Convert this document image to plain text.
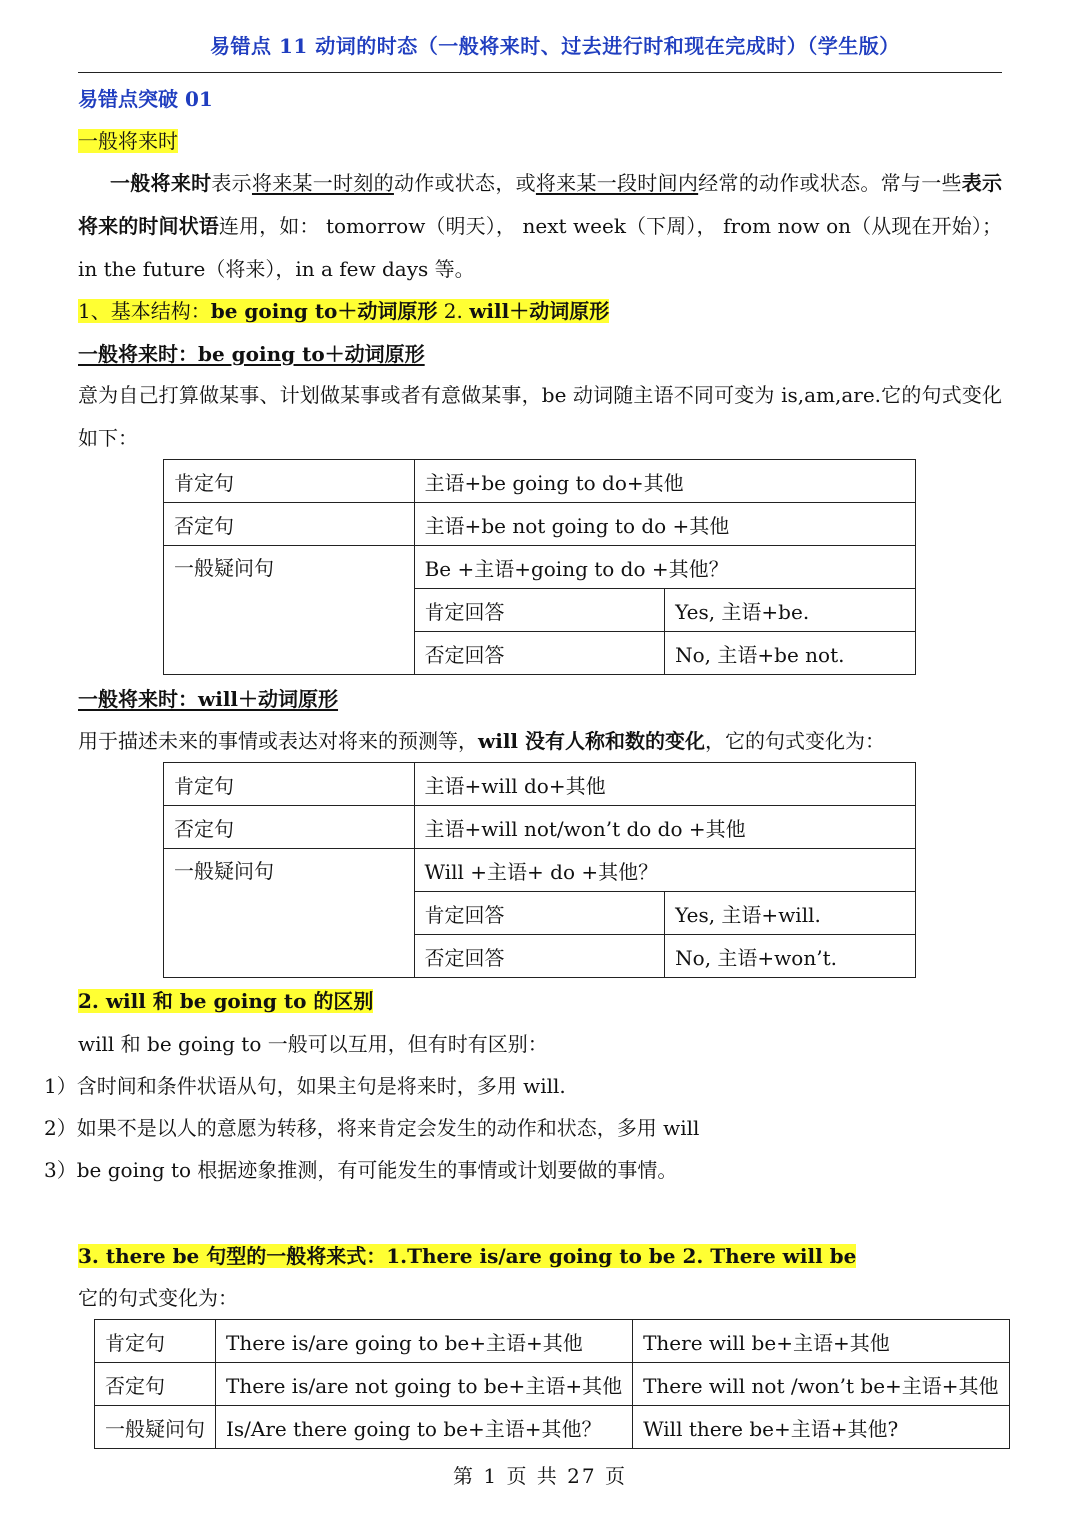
易错点 11 动词的时态（一般将来时、过去进行时和现在完成时）（学生版）
易错点突破 01
一般将来时
一般将来时表示将来某一时刻的动作或状态，或将来某一段时间内经常的动作或状态。常与一些表示将来的时间状语连用，如： tomorrow（明天）， next week（下周）， from now on（从现在开始）；in the future（将来），in a few days 等。
1、基本结构：be going to＋动词原形 2. will＋动词原形
一般将来时：be going to＋动词原形
意为自己打算做某事、计划做某事或者有意做某事，be 动词随主语不同可变为 is,am,are.它的句式变化如下：
肯定句	主语+be going to do+其他	
否定句	主语+be not going to do +其他	
一般疑问句	Be +主语+going to do +其他？	
	肯定回答	Yes, 主语+be.
	否定回答	No, 主语+be not.
一般将来时：will＋动词原形
用于描述未来的事情或表达对将来的预测等，will 没有人称和数的变化，它的句式变化为：
肯定句	主语+will do+其他	
否定句	主语+will not/won’t do do +其他	
一般疑问句	Will +主语+ do +其他？	
	肯定回答	Yes, 主语+will.
	否定回答	No, 主语+won’t.
2. will 和 be going to 的区别
will 和 be going to 一般可以互用，但有时有区别：
1）含时间和条件状语从句，如果主句是将来时，多用 will.
2）如果不是以人的意愿为转移，将来肯定会发生的动作和状态，多用 will
3）be going to 根据迹象推测，有可能发生的事情或计划要做的事情。
3. there be 句型的一般将来式：1.There is/are going to be 2. There will be
它的句式变化为：
肯定句	There is/are going to be+主语+其他	There will be+主语+其他
否定句	There is/are not going to be+主语+其他	There will not /won’t be+主语+其他
一般疑问句	Is/Are there going to be+主语+其他？	Will there be+主语+其他?
第 1 页 共 27 页
